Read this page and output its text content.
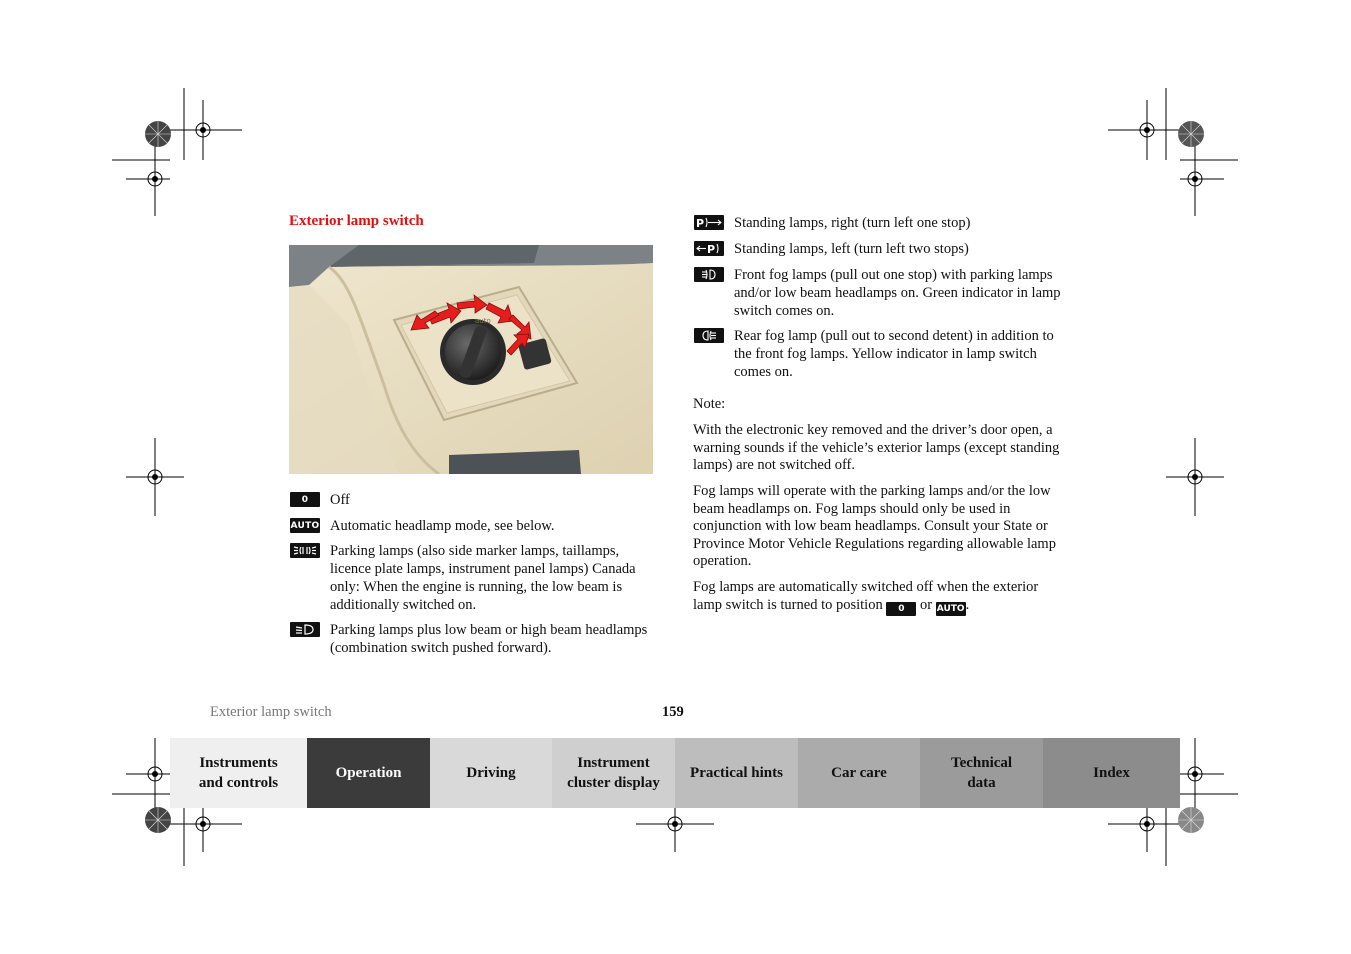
Exterior lamp switch
auto
0	Off
AUTO Automatic headlamp mode, see below.
Parking lamps (also side marker lamps, taillamps, licence plate lamps, instrument panel lamps) Canada only: When the engine is running, the low beam is additionally switched on.
Parking lamps plus low beam or high beam headlamps (combination switch pushed forward).
P Standing lamps, right (turn left one stop)
P Standing lamps, left (turn left two stops)
Front fog lamps (pull out one stop) with parking lamps and/or low beam headlamps on. Green indicator in lamp switch comes on.
Rear fog lamp (pull out to second detent) in addition to the front fog lamps. Yellow indicator in lamp switch comes on.
Note:
With the electronic key removed and the driver’s door open, a warning sounds if the vehicle’s exterior lamps (except standing lamps) are not switched off.
Fog lamps will operate with the parking lamps and/or the low beam headlamps on. Fog lamps should only be used in conjunction with low beam headlamps. Consult your State or Province Motor Vehicle Regulations regarding allowable lamp operation.
Fog lamps are automatically switched off when the exterior lamp switch is turned to position 0 or AUTO.
Exterior lamp switch	159
Instruments
and controls
Operation	Driving
Instrument
cluster display
Practical hints	Car care
Technical
data
Index
